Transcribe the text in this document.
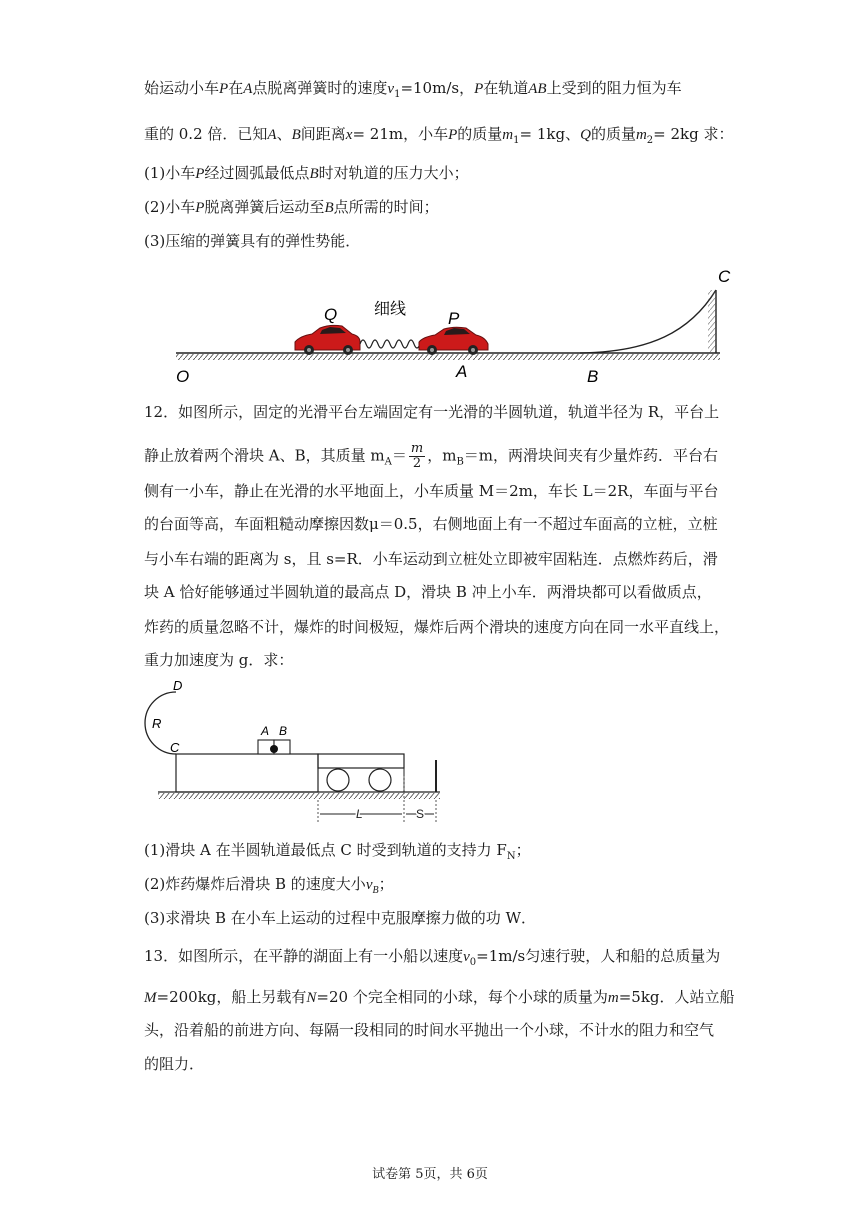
始运动小车P在A点脱离弹簧时的速度$v_1=10m/s$，P在轨道AB上受到的阻力恒为车
重的 0.2 倍．已知A、B间距离x= 21m，小车P的质量$m_1= 1kg$、Q的质量$m_2= 2kg$ 求：
(1)小车P经过圆弧最低点B时对轨道的压力大小；
(2)小车P脱离弹簧后运动至B点所需的时间；
(3)压缩的弹簧具有的弹性势能．
C
Q 细线 P
O	A	B
12．如图所示，固定的光滑平台左端固定有一光滑的半圆轨道，轨道半径为 R，平台上
静止放着两个滑块 A、B，其质量 $m_A= \frac{m}{2}$ ，$m_B=m$，两滑块间夹有少量炸药．平台右
侧有一小车，静止在光滑的水平地面上，小车质量 M＝2m，车长 L＝2R，车面与平台
的台面等高，车面粗糙动摩擦因数μ＝0.5，右侧地面上有一不超过车面高的立桩，立桩
与小车右端的距离为 s，且 s=R．小车运动到立桩处立即被牢固粘连．点燃炸药后，滑
块 A 恰好能够通过半圆轨道的最高点 D，滑块 B 冲上小车．两滑块都可以看做质点，
炸药的质量忽略不计，爆炸的时间极短，爆炸后两个滑块的速度方向在同一水平直线上，
重力加速度为 g．求：
D
R
C
A B
L	S
(1)滑块 A 在半圆轨道最低点 C 时受到轨道的支持力 $F_N$；
(2)炸药爆炸后滑块 B 的速度大小$v_B$；
(3)求滑块 B 在小车上运动的过程中克服摩擦力做的功 W．
13．如图所示，在平静的湖面上有一小船以速度$v_0=1m/s$匀速行驶，人和船的总质量为
M=200kg，船上另载有N=20 个完全相同的小球，每个小球的质量为m=5kg．人站立船
头，沿着船的前进方向、每隔一段相同的时间水平抛出一个小球，不计水的阻力和空气
的阻力．
试卷第 5页，共 6页
